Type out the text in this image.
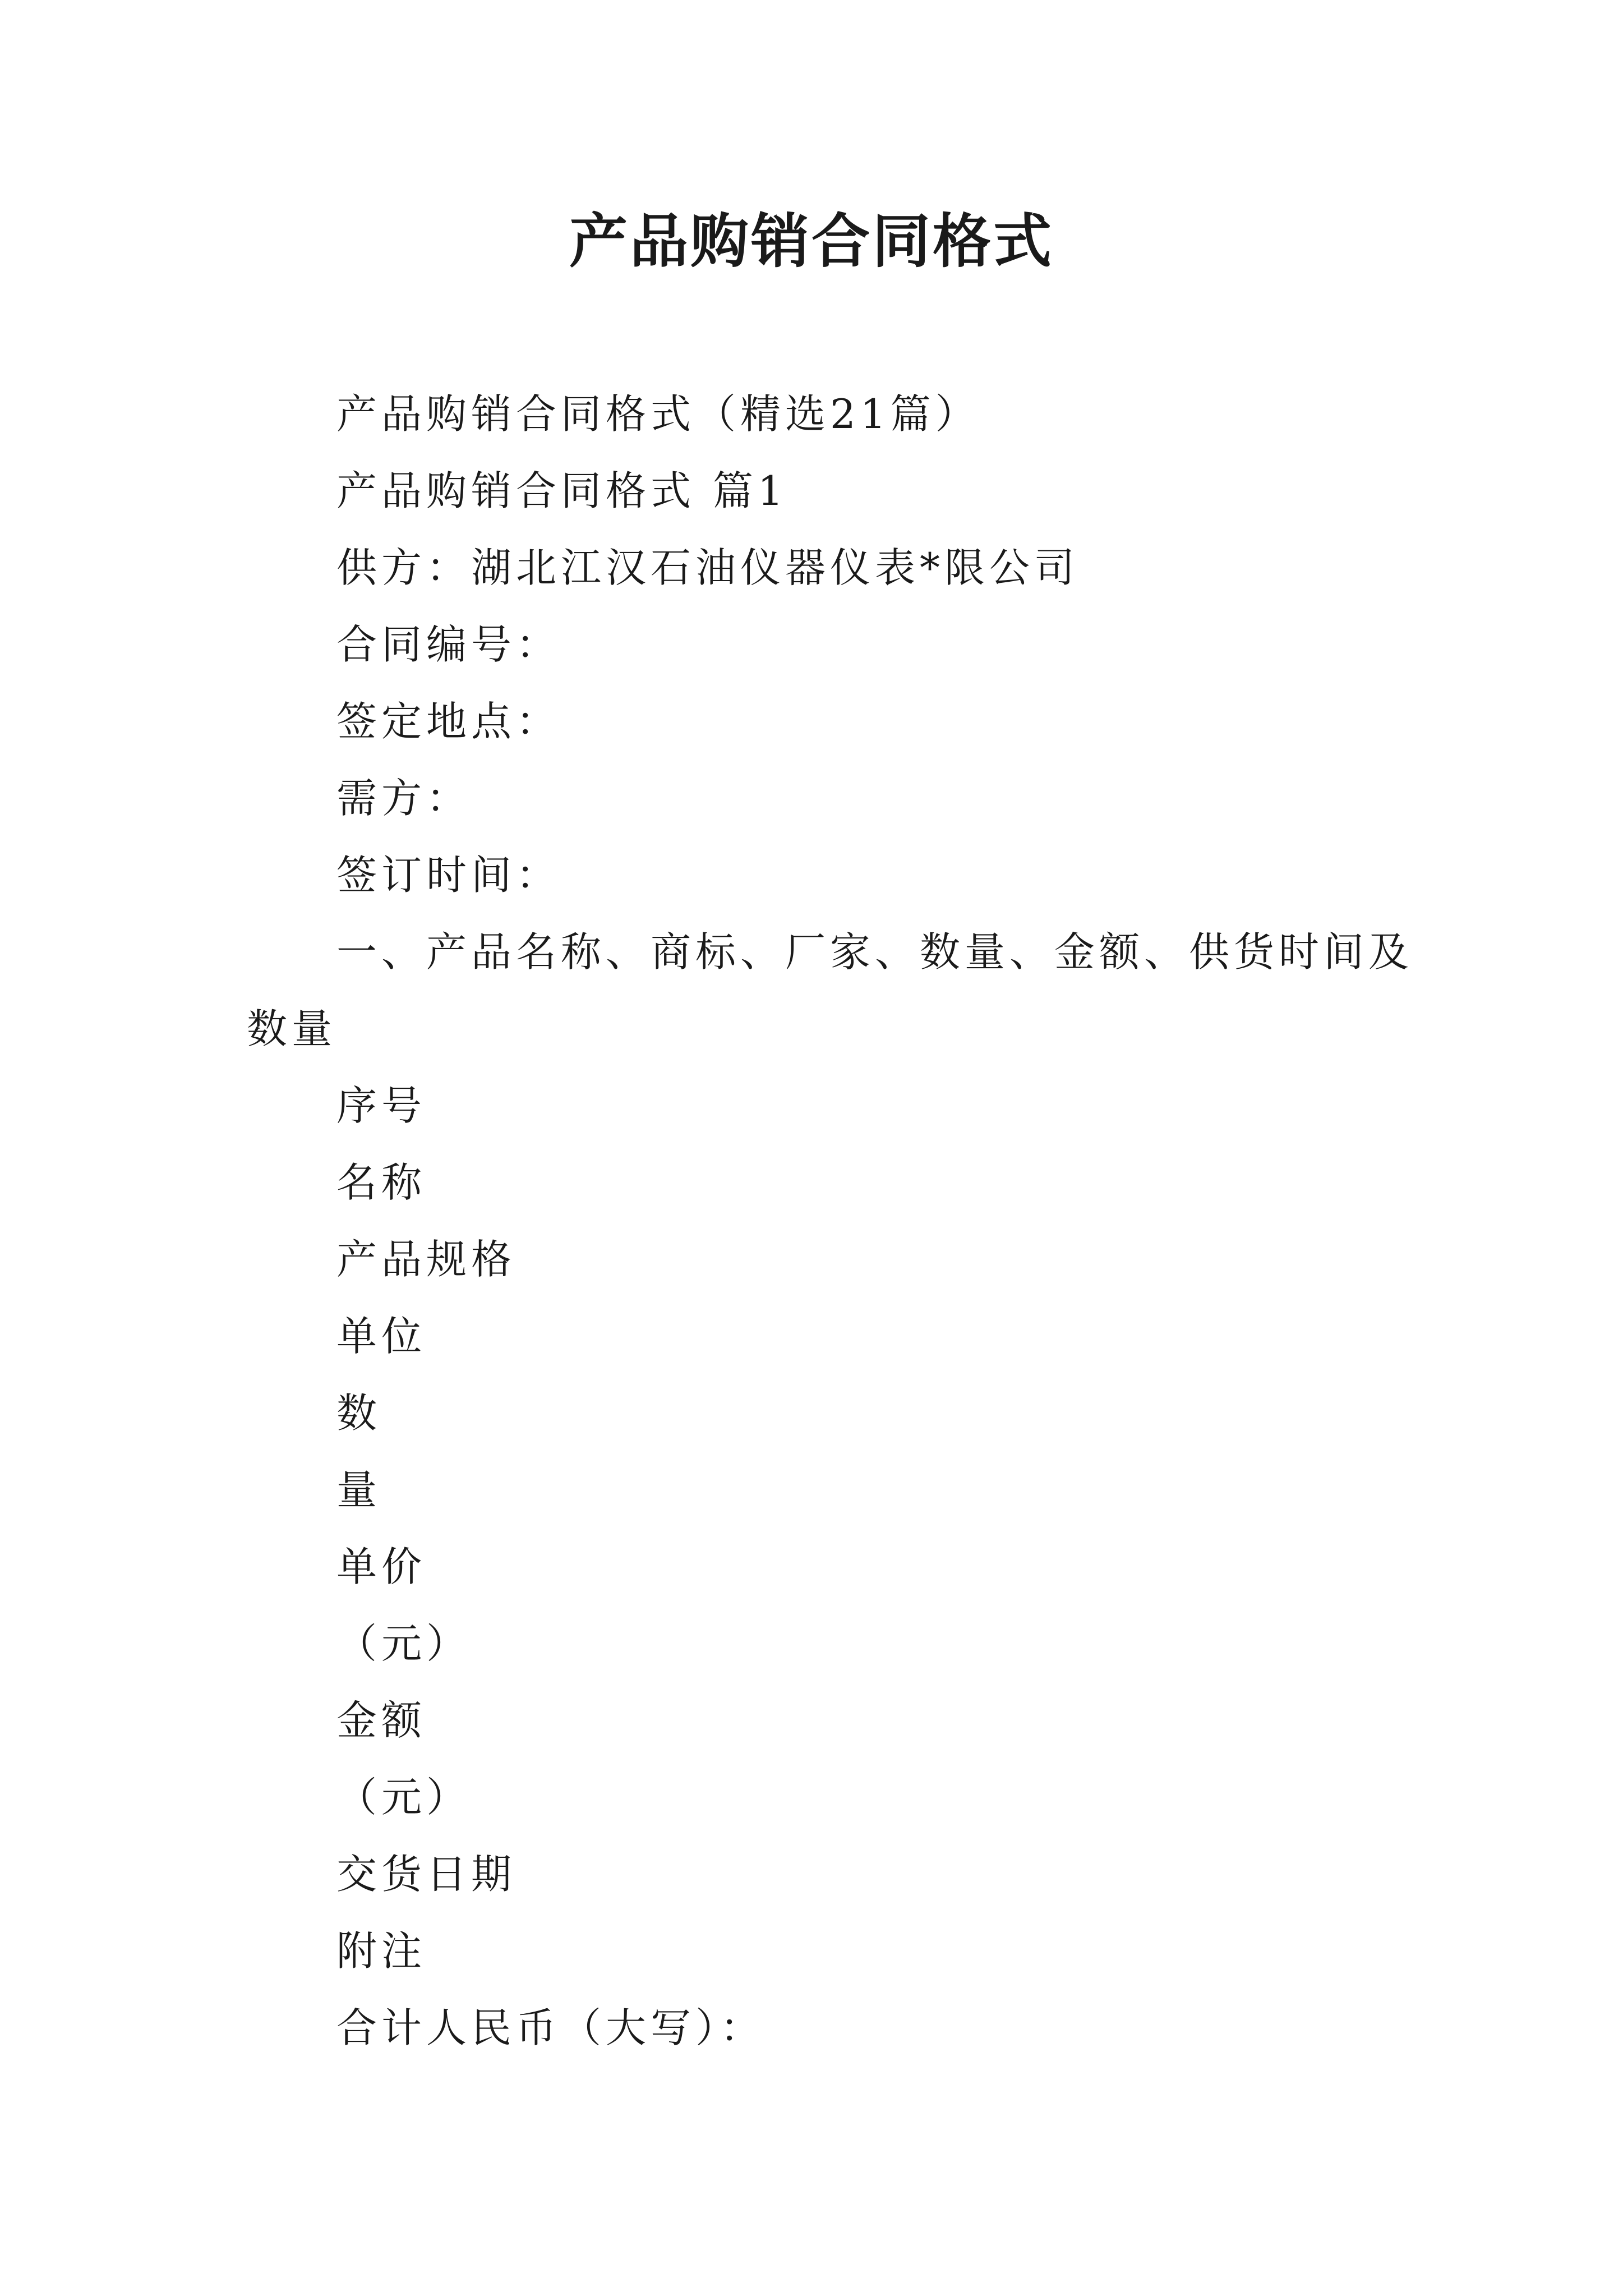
产品购销合同格式
产品购销合同格式（精选21篇）
产品购销合同格式 篇1
供方：湖北江汉石油仪器仪表*限公司
合同编号：
签定地点：
需方：
签订时间：
一、产品名称、商标、厂家、数量、金额、供货时间及
数量
序号
名称
产品规格
单位
数
量
单价
（元）
金额
（元）
交货日期
附注
合计人民币（大写）：
